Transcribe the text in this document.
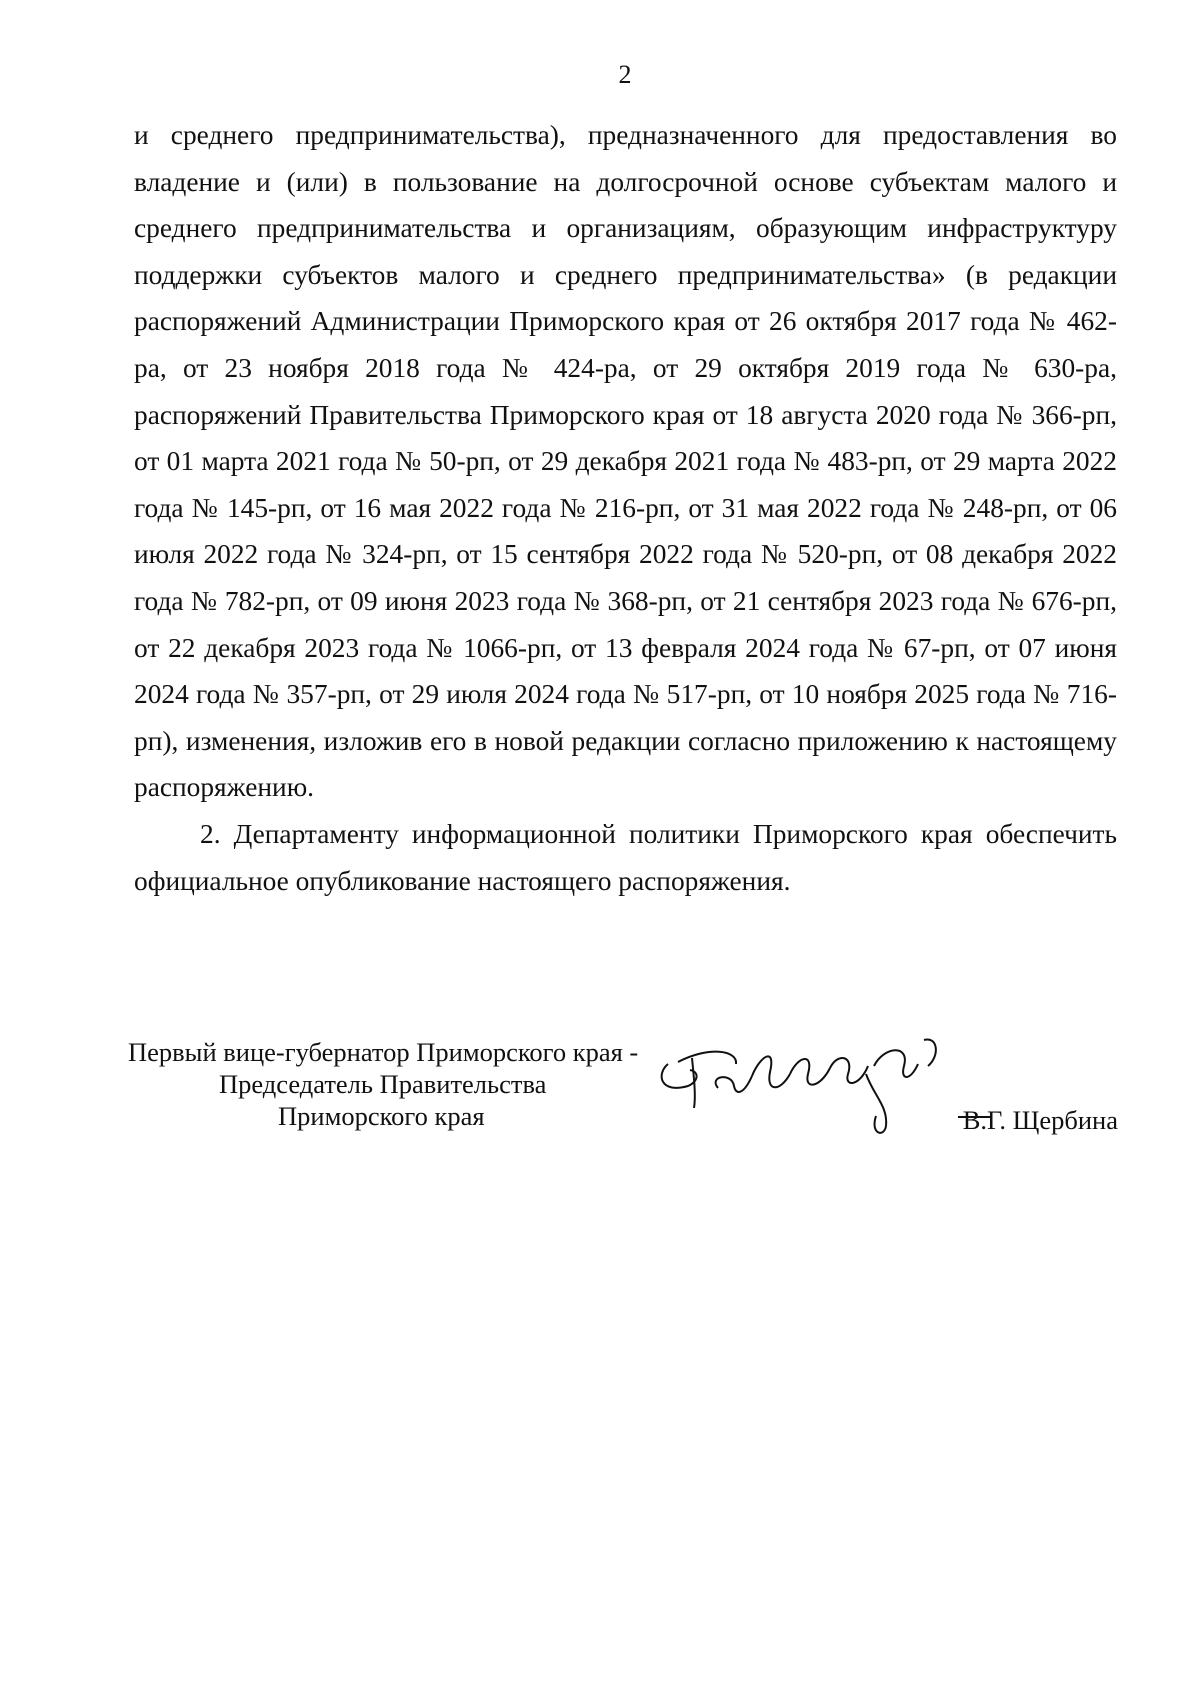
2

и среднего предпринимательства), предназначенного для предоставления во владение и (или) в пользование на долгосрочной основе субъектам малого и среднего предпринимательства и организациям, образующим инфраструктуру поддержки субъектов малого и среднего предпринимательства» (в редакции распоряжений Администрации Приморского края от 26 октября 2017 года № 462-ра, от 23 ноября 2018 года № 424-ра, от 29 октября 2019 года № 630-ра, распоряжений Правительства Приморского края от 18 августа 2020 года № 366-рп, от 01 марта 2021 года № 50-рп, от 29 декабря 2021 года № 483-рп, от 29 марта 2022 года № 145-рп, от 16 мая 2022 года № 216-рп, от 31 мая 2022 года № 248-рп, от 06 июля 2022 года № 324-рп, от 15 сентября 2022 года № 520-рп, от 08 декабря 2022 года № 782-рп, от 09 июня 2023 года № 368-рп, от 21 сентября 2023 года № 676-рп, от 22 декабря 2023 года № 1066-рп, от 13 февраля 2024 года № 67-рп, от 07 июня 2024 года № 357-рп, от 29 июля 2024 года № 517-рп, от 10 ноября 2025 года № 716-рп), изменения, изложив его в новой редакции согласно приложению к настоящему распоряжению.

2. Департаменту информационной политики Приморского края обеспечить официальное опубликование настоящего распоряжения.

Первый вице-губернатор Приморского края -
Председатель Правительства
Приморского края	В.Г. Щербина
